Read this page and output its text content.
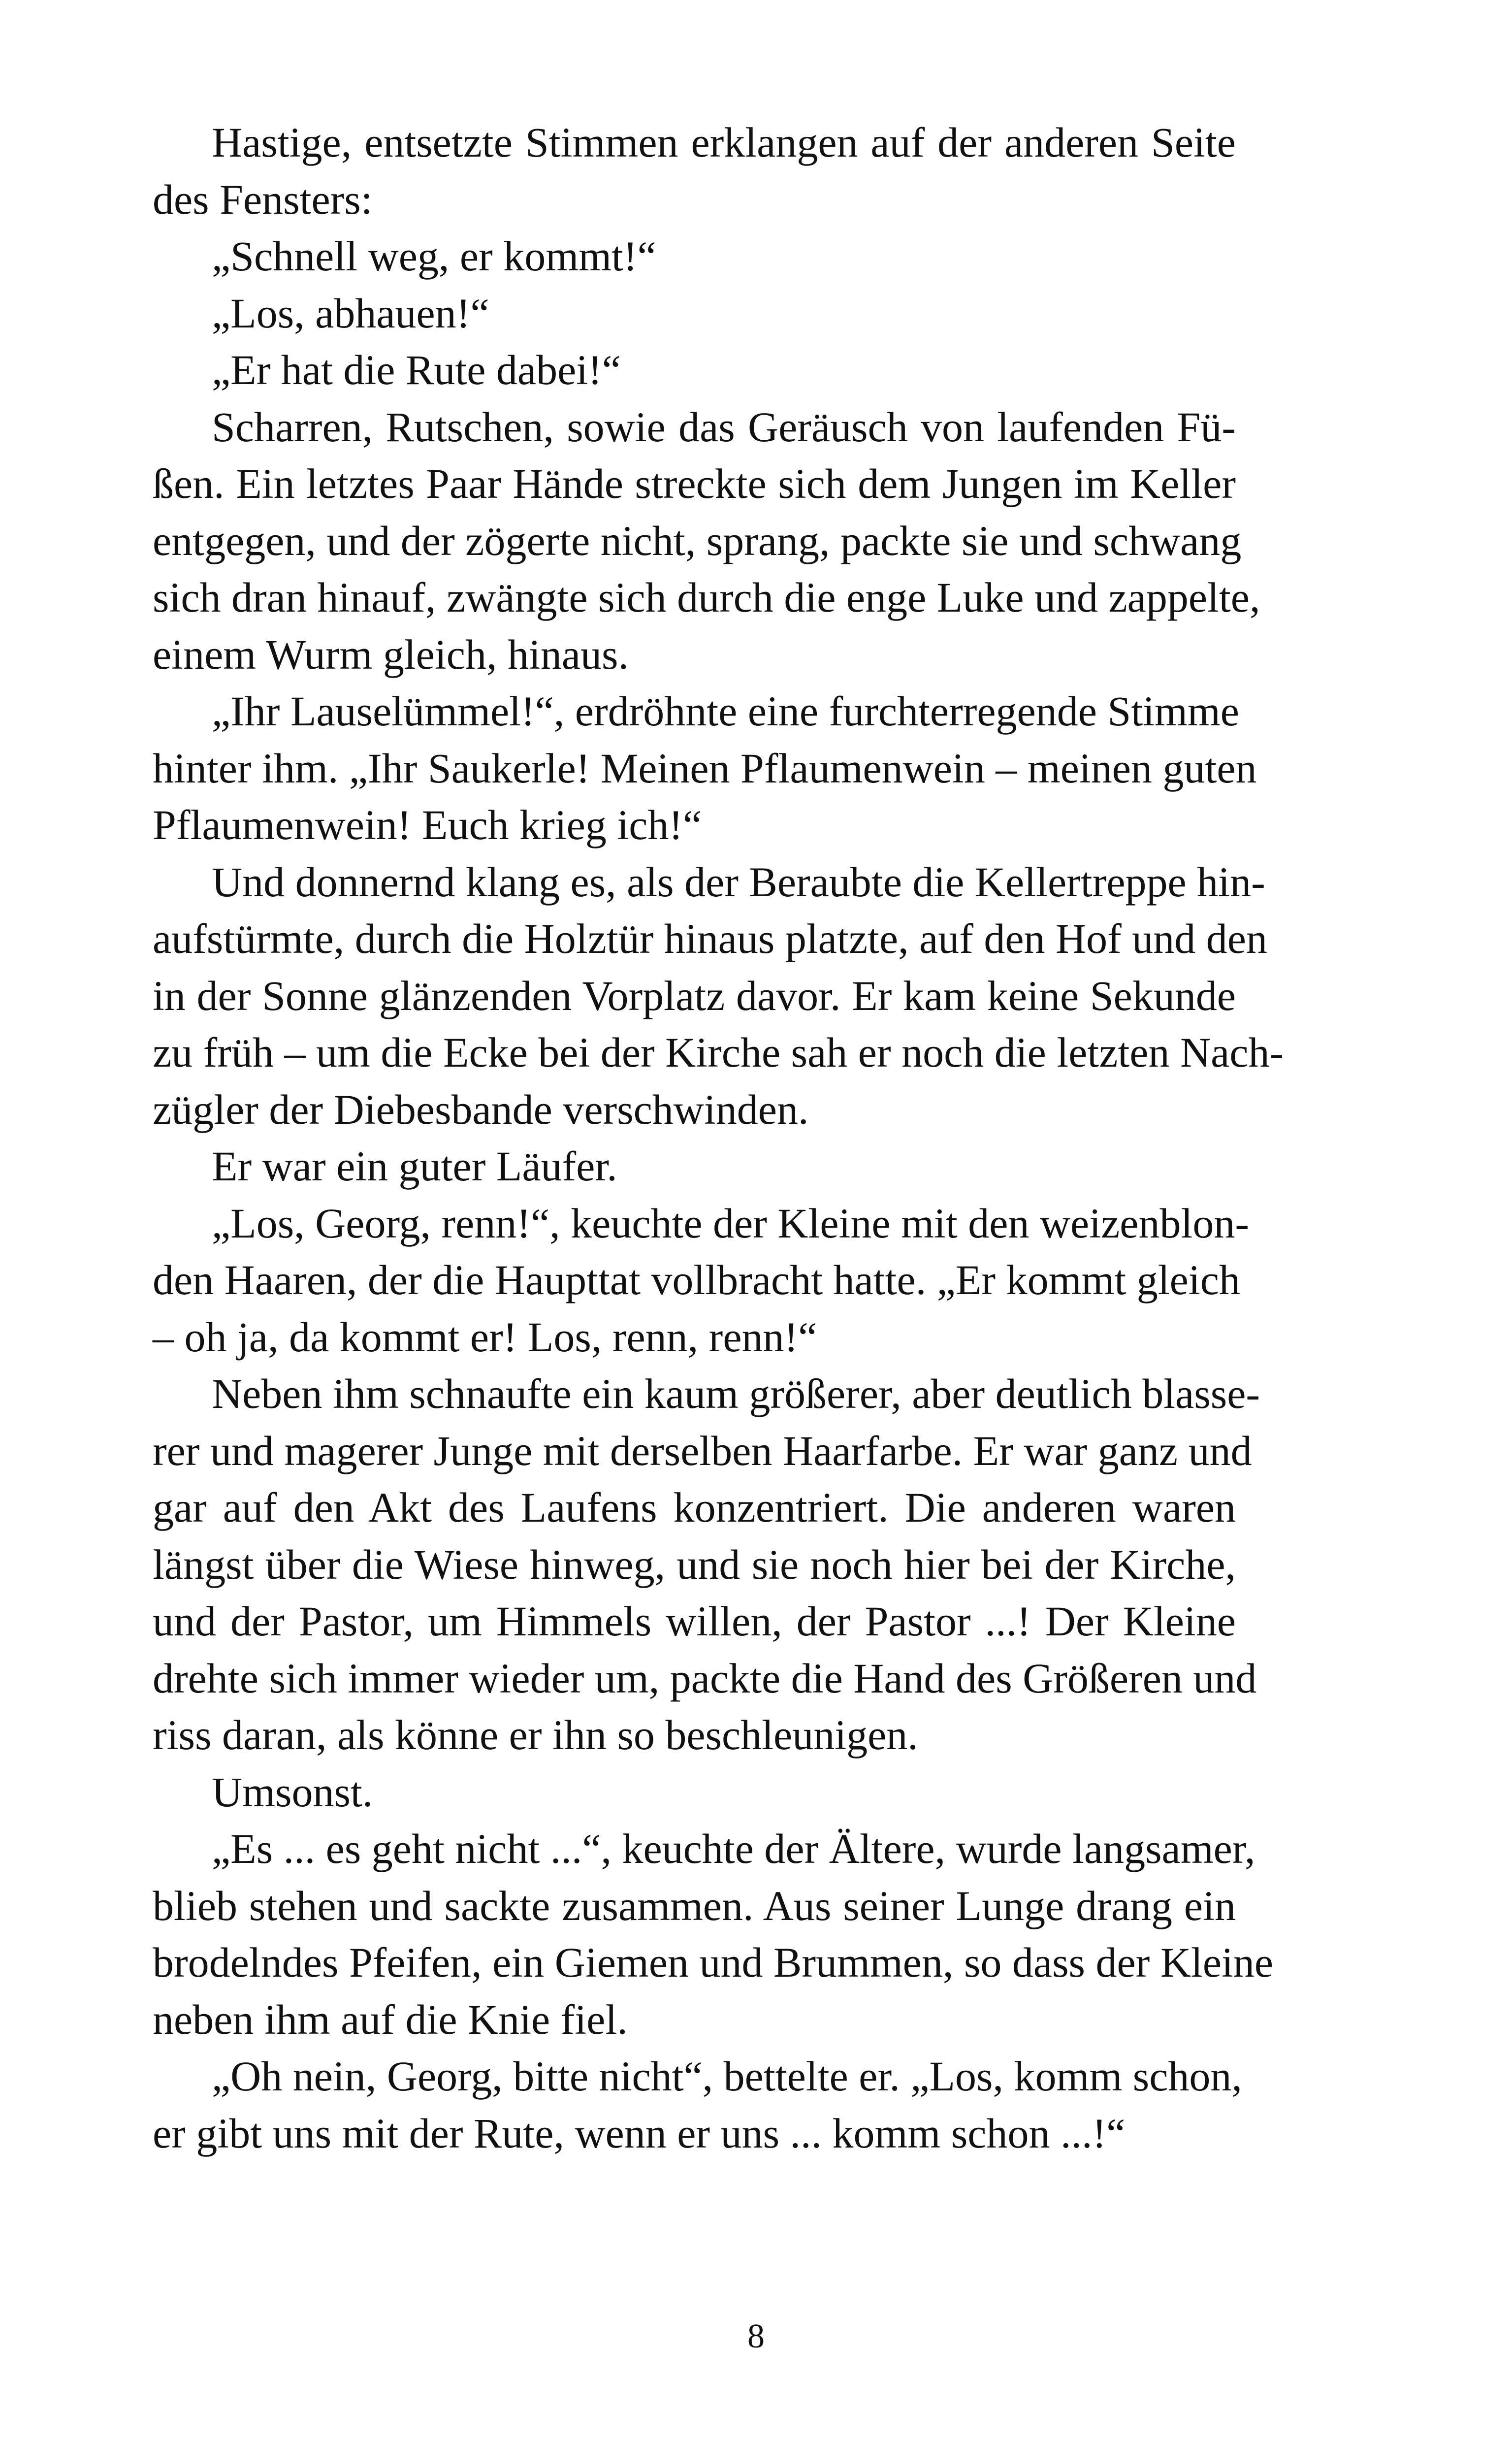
Hastige, entsetzte Stimmen erklangen auf der anderen Seite
des Fensters:
„Schnell weg, er kommt!“
„Los, abhauen!“
„Er hat die Rute dabei!“
Scharren, Rutschen, sowie das Geräusch von laufenden Fü-
ßen. Ein letztes Paar Hände streckte sich dem Jungen im Keller
entgegen, und der zögerte nicht, sprang, packte sie und schwang
sich dran hinauf, zwängte sich durch die enge Luke und zappelte,
einem Wurm gleich, hinaus.
„Ihr Lauselümmel!“, erdröhnte eine furchterregende Stimme
hinter ihm. „Ihr Saukerle! Meinen Pflaumenwein – meinen guten
Pflaumenwein! Euch krieg ich!“
Und donnernd klang es, als der Beraubte die Kellertreppe hin-
aufstürmte, durch die Holztür hinaus platzte, auf den Hof und den
in der Sonne glänzenden Vorplatz davor. Er kam keine Sekunde
zu früh – um die Ecke bei der Kirche sah er noch die letzten Nach-
zügler der Diebesbande verschwinden.
Er war ein guter Läufer.
„Los, Georg, renn!“, keuchte der Kleine mit den weizenblon-
den Haaren, der die Haupttat vollbracht hatte. „Er kommt gleich
– oh ja, da kommt er! Los, renn, renn!“
Neben ihm schnaufte ein kaum größerer, aber deutlich blasse-
rer und magerer Junge mit derselben Haarfarbe. Er war ganz und
gar auf den Akt des Laufens konzentriert. Die anderen waren
längst über die Wiese hinweg, und sie noch hier bei der Kirche,
und der Pastor, um Himmels willen, der Pastor ...! Der Kleine
drehte sich immer wieder um, packte die Hand des Größeren und
riss daran, als könne er ihn so beschleunigen.
Umsonst.
„Es ... es geht nicht ...“, keuchte der Ältere, wurde langsamer,
blieb stehen und sackte zusammen. Aus seiner Lunge drang ein
brodelndes Pfeifen, ein Giemen und Brummen, so dass der Kleine
neben ihm auf die Knie fiel.
„Oh nein, Georg, bitte nicht“, bettelte er. „Los, komm schon,
er gibt uns mit der Rute, wenn er uns ... komm schon ...!“
8
